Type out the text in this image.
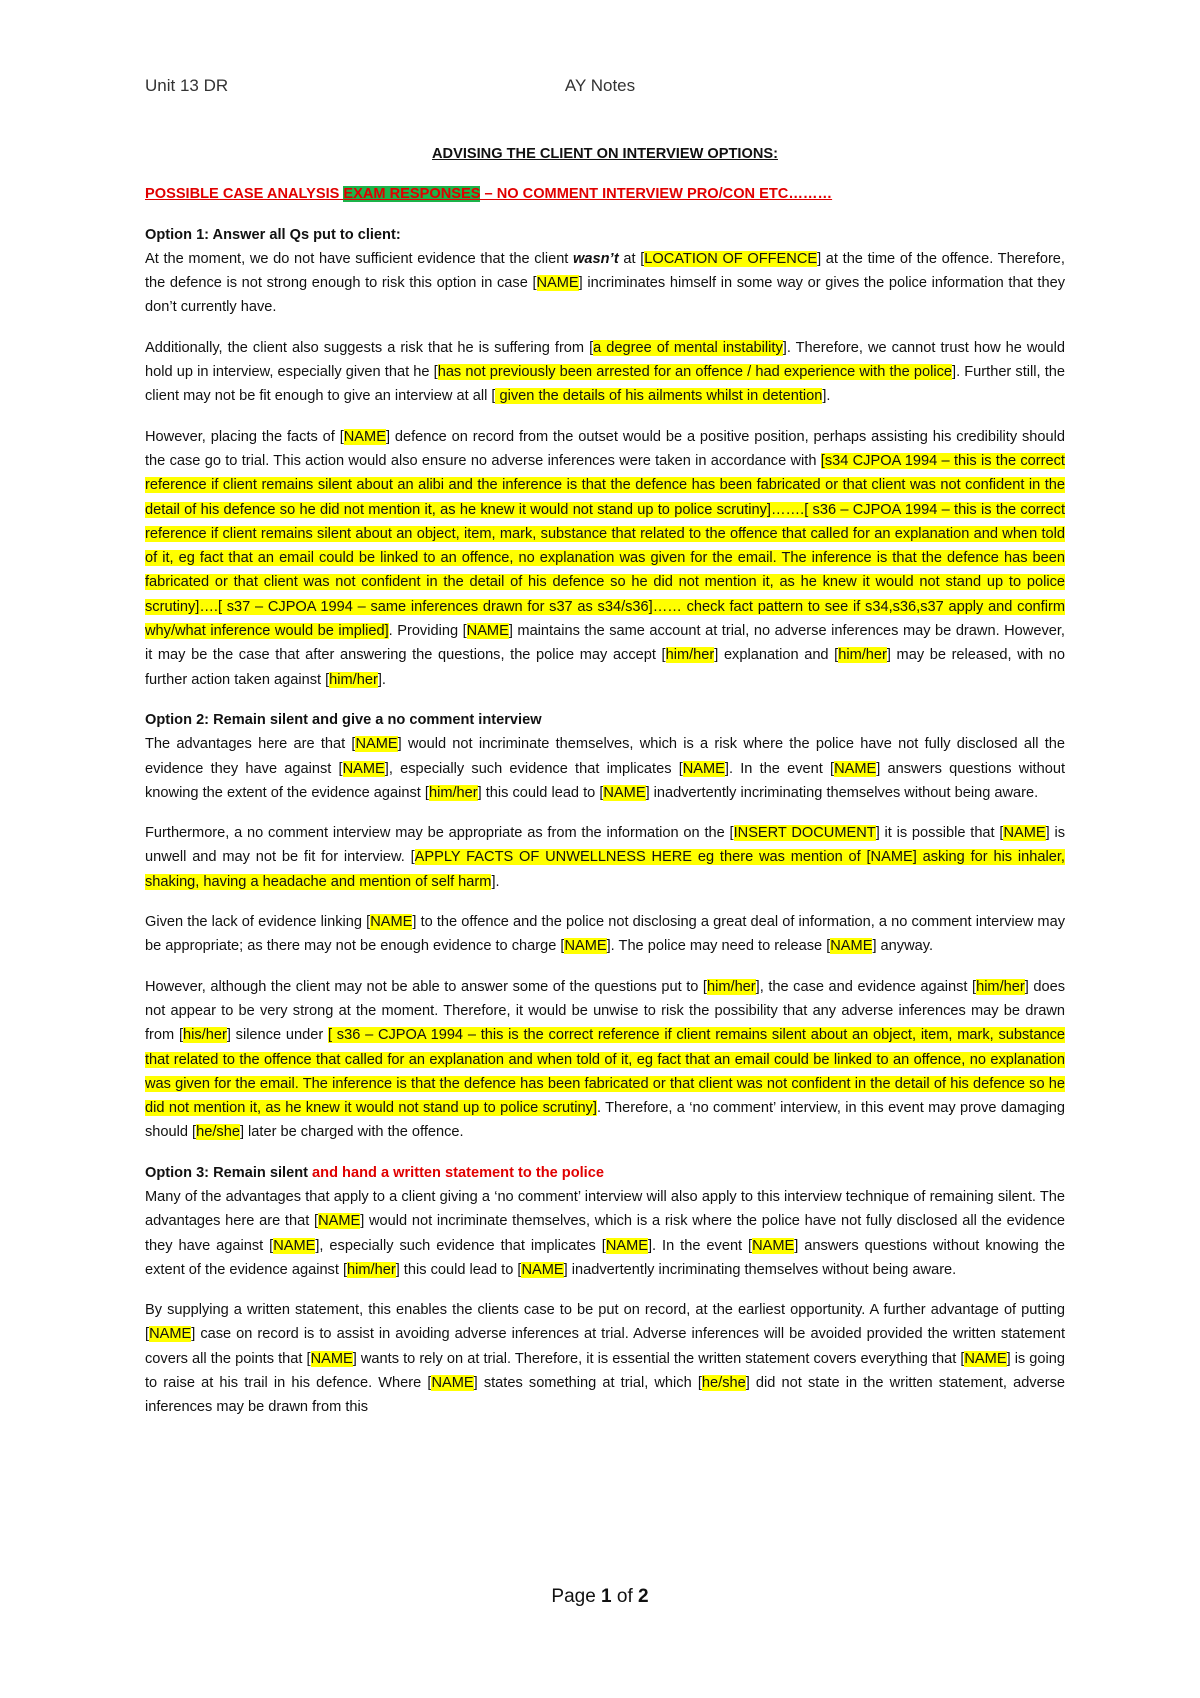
Unit 13 DR	AY Notes

ADVISING THE CLIENT ON INTERVIEW OPTIONS:

POSSIBLE CASE ANALYSIS EXAM RESPONSES – NO COMMENT INTERVIEW PRO/CON ETC………

Option 1: Answer all Qs put to client:
At the moment, we do not have sufficient evidence that the client wasn’t at [LOCATION OF OFFENCE] at the time of the offence. Therefore, the defence is not strong enough to risk this option in case [NAME] incriminates himself in some way or gives the police information that they don’t currently have.

Additionally, the client also suggests a risk that he is suffering from [a degree of mental instability]. Therefore, we cannot trust how he would hold up in interview, especially given that he [has not previously been arrested for an offence / had experience with the police]. Further still, the client may not be fit enough to give an interview at all [ given the details of his ailments whilst in detention].

However, placing the facts of [NAME] defence on record from the outset would be a positive position, perhaps assisting his credibility should the case go to trial. This action would also ensure no adverse inferences were taken in accordance with [s34 CJPOA 1994 – this is the correct reference if client remains silent about an alibi and the inference is that the defence has been fabricated or that client was not confident in the detail of his defence so he did not mention it, as he knew it would not stand up to police scrutiny]…….[ s36 – CJPOA 1994 – this is the correct reference if client remains silent about an object, item, mark, substance that related to the offence that called for an explanation and when told of it, eg fact that an email could be linked to an offence, no explanation was given for the email. The inference is that the defence has been fabricated or that client was not confident in the detail of his defence so he did not mention it, as he knew it would not stand up to police scrutiny]….[ s37 – CJPOA 1994 – same inferences drawn for s37 as s34/s36]…… check fact pattern to see if s34,s36,s37 apply and confirm why/what inference would be implied]. Providing [NAME] maintains the same account at trial, no adverse inferences may be drawn. However, it may be the case that after answering the questions, the police may accept [him/her] explanation and [him/her] may be released, with no further action taken against [him/her].

Option 2: Remain silent and give a no comment interview
The advantages here are that [NAME] would not incriminate themselves, which is a risk where the police have not fully disclosed all the evidence they have against [NAME], especially such evidence that implicates [NAME]. In the event [NAME] answers questions without knowing the extent of the evidence against [him/her] this could lead to [NAME] inadvertently incriminating themselves without being aware.

Furthermore, a no comment interview may be appropriate as from the information on the [INSERT DOCUMENT] it is possible that [NAME] is unwell and may not be fit for interview. [APPLY FACTS OF UNWELLNESS HERE eg there was mention of [NAME] asking for his inhaler, shaking, having a headache and mention of self harm].

Given the lack of evidence linking [NAME] to the offence and the police not disclosing a great deal of information, a no comment interview may be appropriate; as there may not be enough evidence to charge [NAME]. The police may need to release [NAME] anyway.

However, although the client may not be able to answer some of the questions put to [him/her], the case and evidence against [him/her] does not appear to be very strong at the moment. Therefore, it would be unwise to risk the possibility that any adverse inferences may be drawn from [his/her] silence under [ s36 – CJPOA 1994 – this is the correct reference if client remains silent about an object, item, mark, substance that related to the offence that called for an explanation and when told of it, eg fact that an email could be linked to an offence, no explanation was given for the email. The inference is that the defence has been fabricated or that client was not confident in the detail of his defence so he did not mention it, as he knew it would not stand up to police scrutiny]. Therefore, a ‘no comment’ interview, in this event may prove damaging should [he/she] later be charged with the offence.

Option 3: Remain silent and hand a written statement to the police
Many of the advantages that apply to a client giving a ‘no comment’ interview will also apply to this interview technique of remaining silent. The advantages here are that [NAME] would not incriminate themselves, which is a risk where the police have not fully disclosed all the evidence they have against [NAME], especially such evidence that implicates [NAME]. In the event [NAME] answers questions without knowing the extent of the evidence against [him/her] this could lead to [NAME] inadvertently incriminating themselves without being aware.

By supplying a written statement, this enables the clients case to be put on record, at the earliest opportunity. A further advantage of putting [NAME] case on record is to assist in avoiding adverse inferences at trial. Adverse inferences will be avoided provided the written statement covers all the points that [NAME] wants to rely on at trial. Therefore, it is essential the written statement covers everything that [NAME] is going to raise at his trail in his defence. Where [NAME] states something at trial, which [he/she] did not state in the written statement, adverse inferences may be drawn from this

Page 1 of 2
